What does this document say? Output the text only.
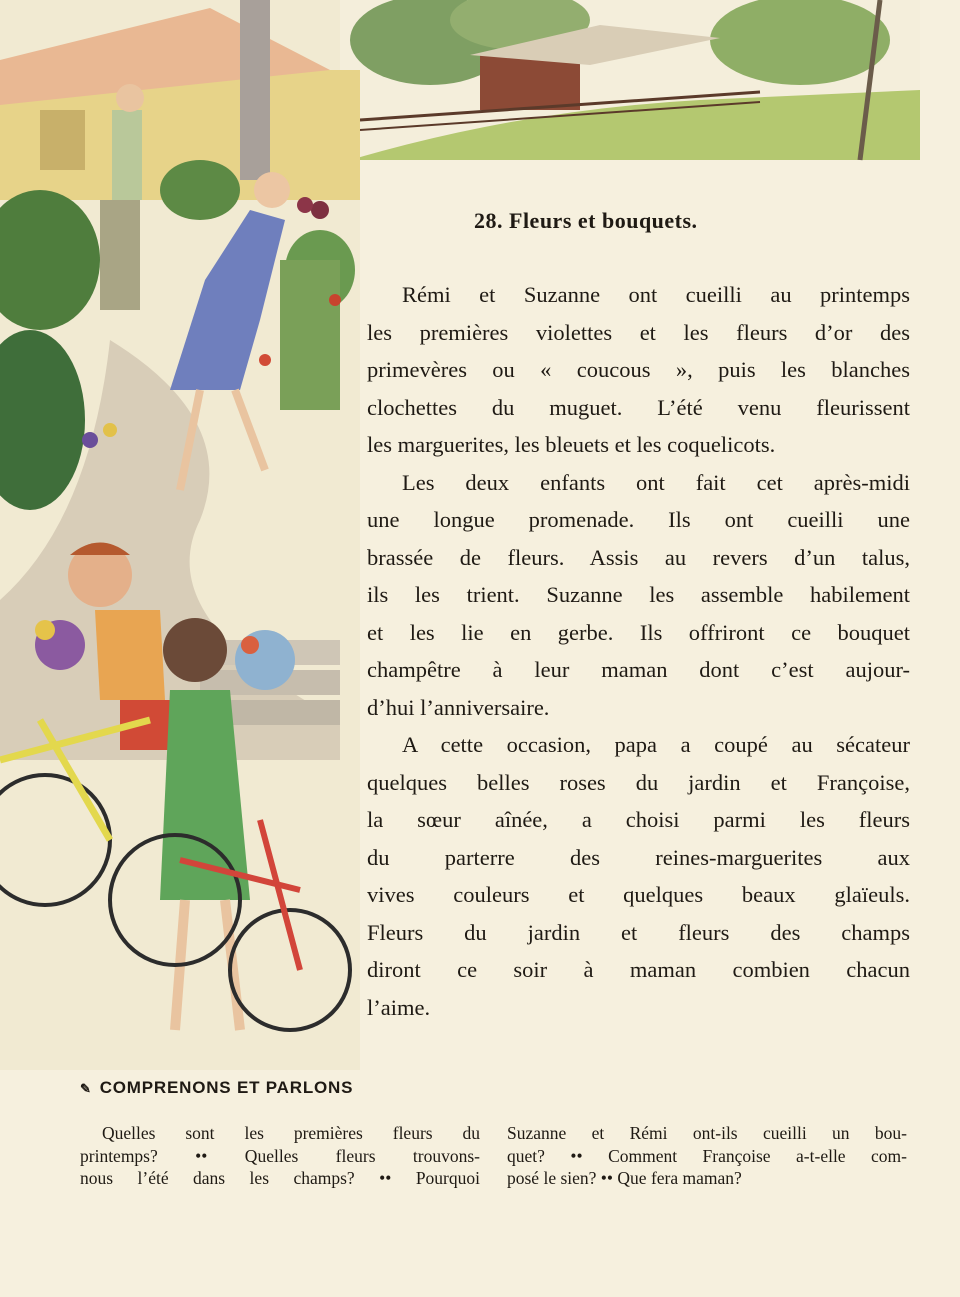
28. Fleurs et bouquets.
Rémi et Suzanne ont cueilli au printemps
les premières violettes et les fleurs d’or des
primevères ou « coucous », puis les blanches
clochettes du muguet. L’été venu fleurissent
les marguerites, les bleuets et les coquelicots.
Les deux enfants ont fait cet après-midi
une longue promenade. Ils ont cueilli une
brassée de fleurs. Assis au revers d’un talus,
ils les trient. Suzanne les assemble habilement
et les lie en gerbe. Ils offriront ce bouquet
champêtre à leur maman dont c’est aujour-
d’hui l’anniversaire.
A cette occasion, papa a coupé au sécateur
quelques belles roses du jardin et Françoise,
la sœur aînée, a choisi parmi les fleurs
du parterre des reines-marguerites aux
vives couleurs et quelques beaux glaïeuls.
Fleurs du jardin et fleurs des champs
diront ce soir à maman combien chacun
l’aime.
✎ COMPRENONS ET PARLONS
Quelles sont les premières fleurs du
printemps? •• Quelles fleurs trouvons-
nous l’été dans les champs? •• Pourquoi
Suzanne et Rémi ont-ils cueilli un bou-
quet? •• Comment Françoise a-t-elle com-
posé le sien? •• Que fera maman?
